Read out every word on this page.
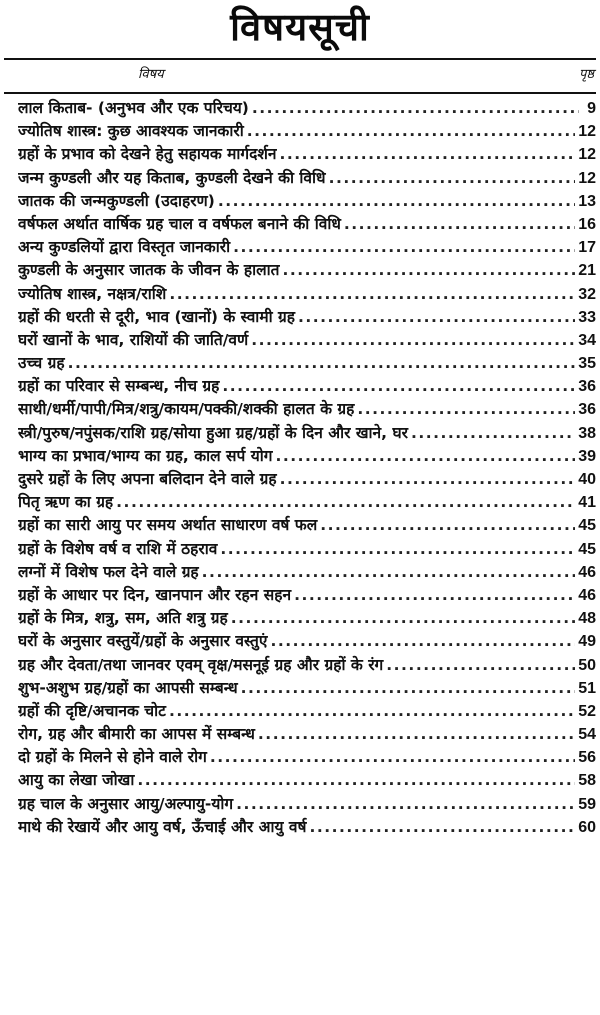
विषयसूची
विषय	पृष्ठ
लाल किताब- (अनुभव और एक परिचय) .....	9
ज्योतिष शास्त्र: कुछ आवश्यक जानकारी .....	12
ग्रहों के प्रभाव को देखने हेतु सहायक मार्गदर्शन .....	12
जन्म कुण्डली और यह किताब, कुण्डली देखने की विधि .....	12
जातक की जन्मकुण्डली (उदाहरण) .....	13
वर्षफल अर्थात वार्षिक ग्रह चाल व वर्षफल बनाने की विधि .....	16
अन्य कुण्डलियों द्वारा विस्तृत जानकारी .....	17
कुण्डली के अनुसार जातक के जीवन के हालात .....	21
ज्योतिष शास्त्र, नक्षत्र/राशि .....	32
ग्रहों की धरती से दूरी, भाव (खानों) के स्वामी ग्रह .....	33
घरों खानों के भाव, राशियों की जाति/वर्ण .....	34
उच्च ग्रह .....	35
ग्रहों का परिवार से सम्बन्ध, नीच ग्रह .....	36
साथी/धर्मी/पापी/मित्र/शत्रु/कायम/पक्की/शक्की हालत के ग्रह .....	36
स्त्री/पुरुष/नपुंसक/राशि ग्रह/सोया हुआ ग्रह/ग्रहों के दिन और खाने, घर .....	38
भाग्य का प्रभाव/भाग्य का ग्रह, काल सर्प योग .....	39
दुसरे ग्रहों के लिए अपना बलिदान देने वाले ग्रह .....	40
पितृ ऋण का ग्रह .....	41
ग्रहों का सारी आयु पर समय अर्थात साधारण वर्ष फल .....	45
ग्रहों के विशेष वर्ष व राशि में ठहराव .....	45
लग्नों में विशेष फल देने वाले ग्रह .....	46
ग्रहों के आधार पर दिन, खानपान और रहन सहन .....	46
ग्रहों के मित्र, शत्रु, सम, अति शत्रु ग्रह .....	48
घरों के अनुसार वस्तुयें/ग्रहों के अनुसार वस्तुएं .....	49
ग्रह और देवता/तथा जानवर एवम् वृक्ष/मसनूई ग्रह और ग्रहों के रंग .....	50
शुभ-अशुभ ग्रह/ग्रहों का आपसी सम्बन्ध .....	51
ग्रहों की दृष्टि/अचानक चोट .....	52
रोग, ग्रह और बीमारी का आपस में सम्बन्ध .....	54
दो ग्रहों के मिलने से होने वाले रोग .....	56
आयु का लेखा जोखा .....	58
ग्रह चाल के अनुसार आयु/अल्पायु-योग .....	59
माथे की रेखायें और आयु वर्ष, ऊँचाई और आयु वर्ष .....	60
